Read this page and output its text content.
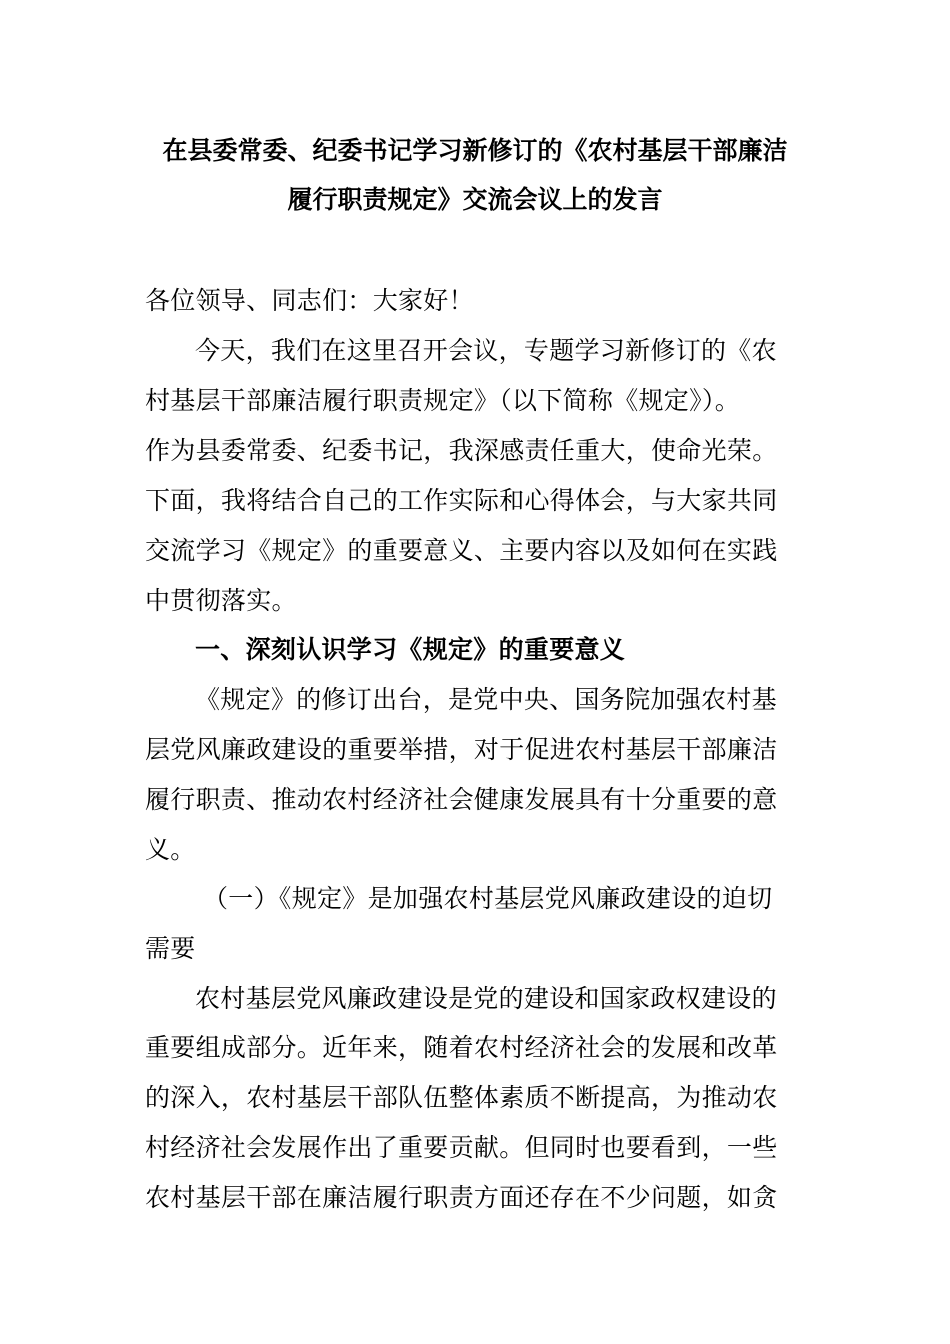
在县委常委、纪委书记学习新修订的《农村基层干部廉洁
履行职责规定》交流会议上的发言
各位领导、同志们：大家好！
今天，我们在这里召开会议，专题学习新修订的《农
村基层干部廉洁履行职责规定》（以下简称《规定》）。
作为县委常委、纪委书记，我深感责任重大，使命光荣。
下面，我将结合自己的工作实际和心得体会，与大家共同
交流学习《规定》的重要意义、主要内容以及如何在实践
中贯彻落实。
一、深刻认识学习《规定》的重要意义
《规定》的修订出台，是党中央、国务院加强农村基
层党风廉政建设的重要举措，对于促进农村基层干部廉洁
履行职责、推动农村经济社会健康发展具有十分重要的意
义。
（一）《规定》是加强农村基层党风廉政建设的迫切
需要
农村基层党风廉政建设是党的建设和国家政权建设的
重要组成部分。近年来，随着农村经济社会的发展和改革
的深入，农村基层干部队伍整体素质不断提高，为推动农
村经济社会发展作出了重要贡献。但同时也要看到，一些
农村基层干部在廉洁履行职责方面还存在不少问题，如贪
